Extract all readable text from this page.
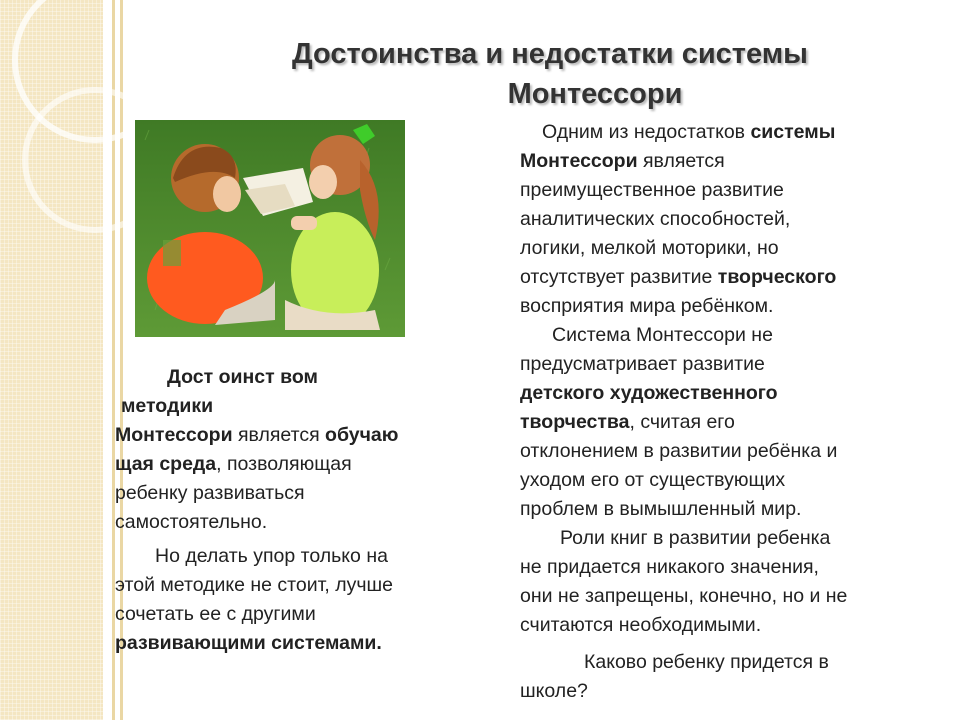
Достоинства и недостатки системы
Монтессори

Дост оинст вом

методики

Монтессори является обучаю

щая среда, позволяющая

ребенку развиваться

самостоятельно.

Но делать упор только на

этой методике не стоит, лучше

сочетать ее с другими

развивающими системами.

Одним из недостатков системы

Монтессори является

преимущественное развитие

аналитических способностей,

логики, мелкой моторики, но

отсутствует развитие творческого

восприятия мира ребёнком.

Система Монтессори не

предусматривает развитие

детского художественного

творчества, считая его

отклонением в развитии ребёнка и

уходом его от существующих

проблем в вымышленный мир.

Роли книг в развитии ребенка

не придается никакого значения,

они не запрещены, конечно, но и не

считаются необходимыми.

Каково ребенку придется в

школе?
